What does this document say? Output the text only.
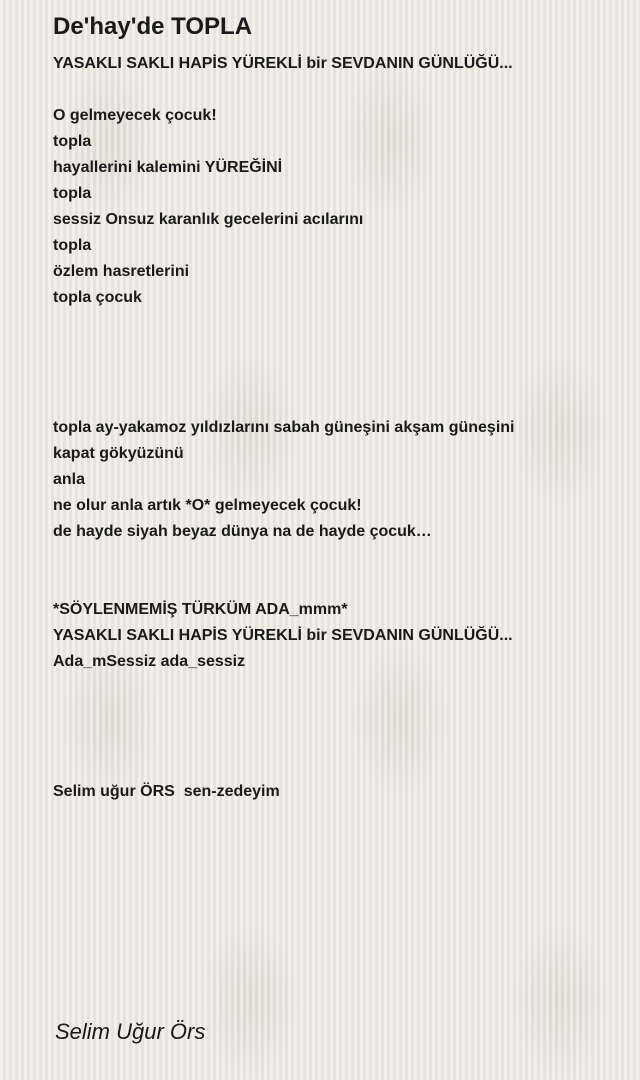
De'hay'de TOPLA
YASAKLI SAKLI HAPİS YÜREKLİ bir SEVDANIN GÜNLÜĞÜ...
O gelmeyecek çocuk!
topla
hayallerini kalemini YÜREĞİNİ
topla
sessiz Onsuz karanlık gecelerini acılarını
topla
özlem hasretlerini
topla çocuk
topla ay-yakamoz yıldızlarını sabah güneşini akşam güneşini
kapat gökyüzünü
anla
ne olur anla artık *O* gelmeyecek çocuk!
de hayde siyah beyaz dünya na de hayde çocuk…
*SÖYLENMEMİŞ TÜRKÜM ADA_mmm*
YASAKLI SAKLI HAPİS YÜREKLİ bir SEVDANIN GÜNLÜĞÜ...
Ada_mSessiz ada_sessiz
Selim uğur ÖRS  sen-zedeyim
Selim Uğur Örs
